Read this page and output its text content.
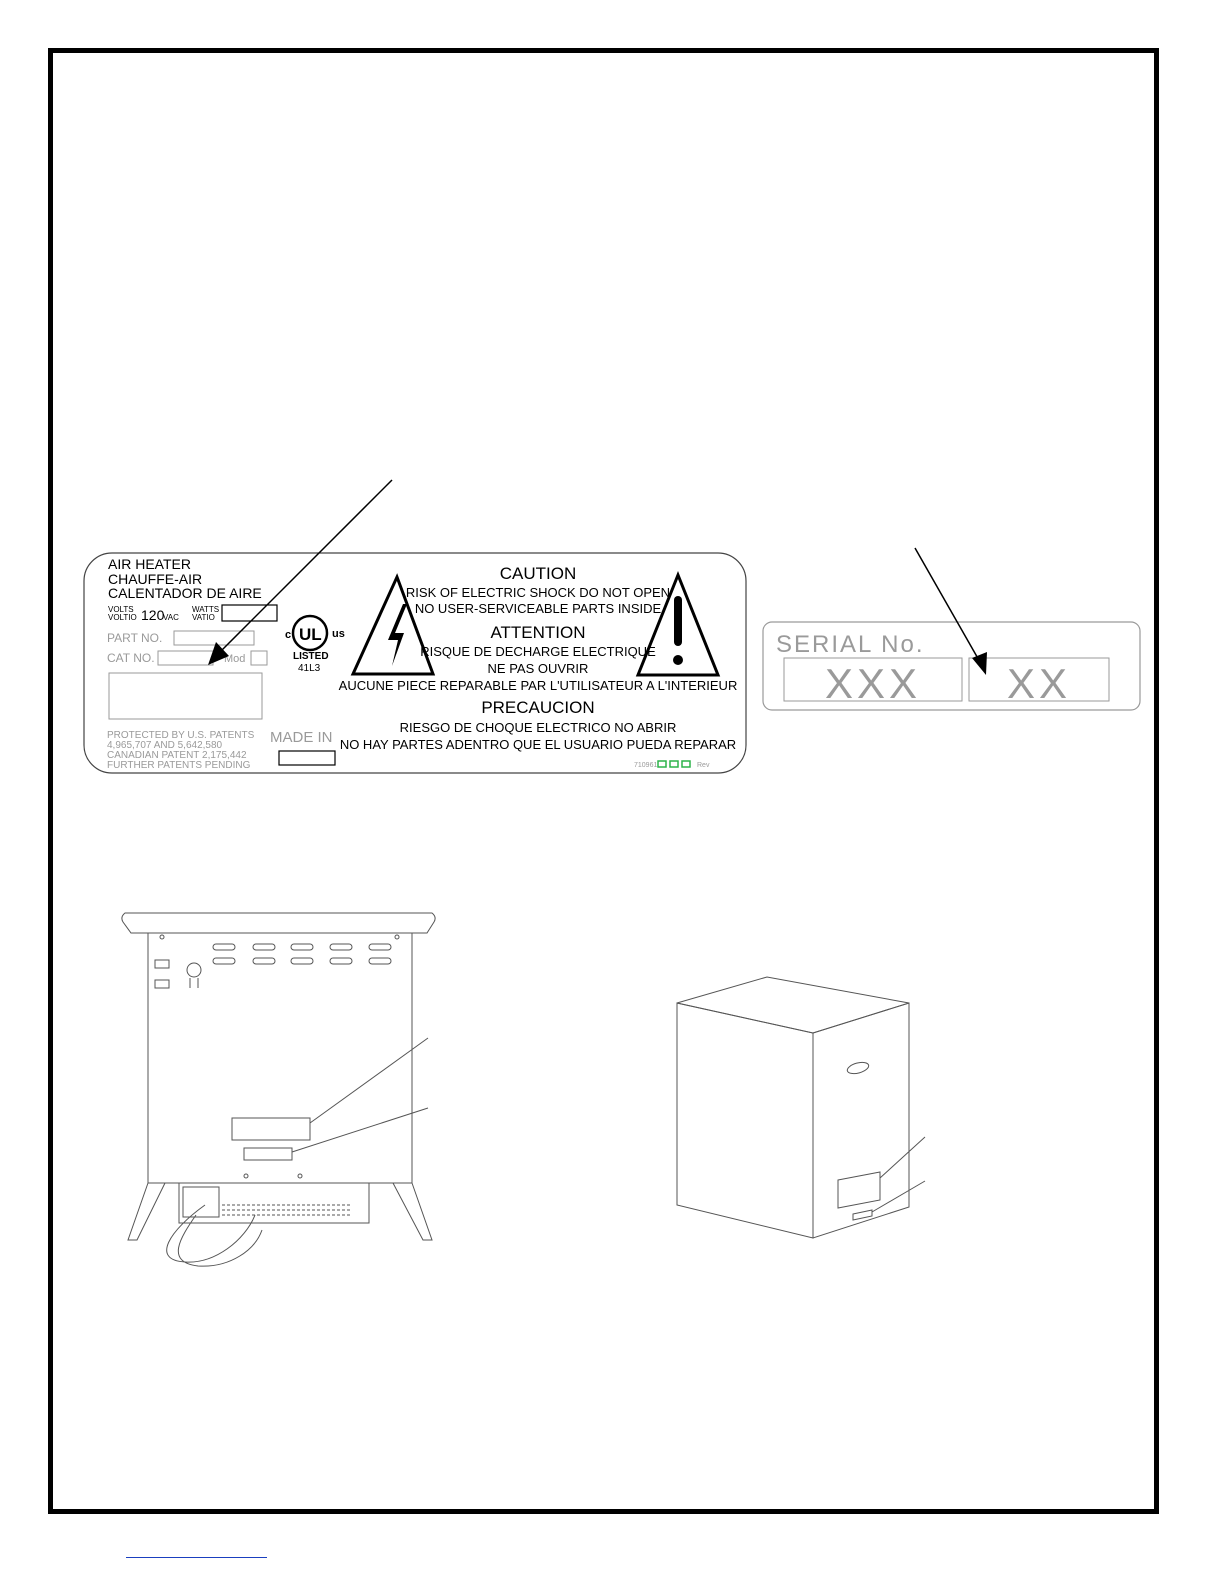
AIR HEATER
CHAUFFE-AIR
CALENTADOR DE AIRE
VOLTS
VOLTIO 120
VAC
WATTS
VATIO
PART NO.
CAT NO.	Mod
PROTECTED BY U.S. PATENTS
4,965,707 AND 5,642,580
CANADIAN PATENT 2,175,442
FURTHER PATENTS PENDING
MADE IN
c UL us
LISTED
41L3
CAUTION
RISK OF ELECTRIC SHOCK DO NOT OPEN
NO USER-SERVICEABLE PARTS INSIDE
ATTENTION
RISQUE DE DECHARGE ELECTRIQUE
NE PAS OUVRIR
AUCUNE PIECE REPARABLE PAR L'UTILISATEUR A L'INTERIEUR
PRECAUCION
RIESGO DE CHOQUE ELECTRICO NO ABRIR
NO HAY PARTES ADENTRO QUE EL USUARIO PUEDA REPARAR
710961	Rev
SERIAL No.
XXX XX
